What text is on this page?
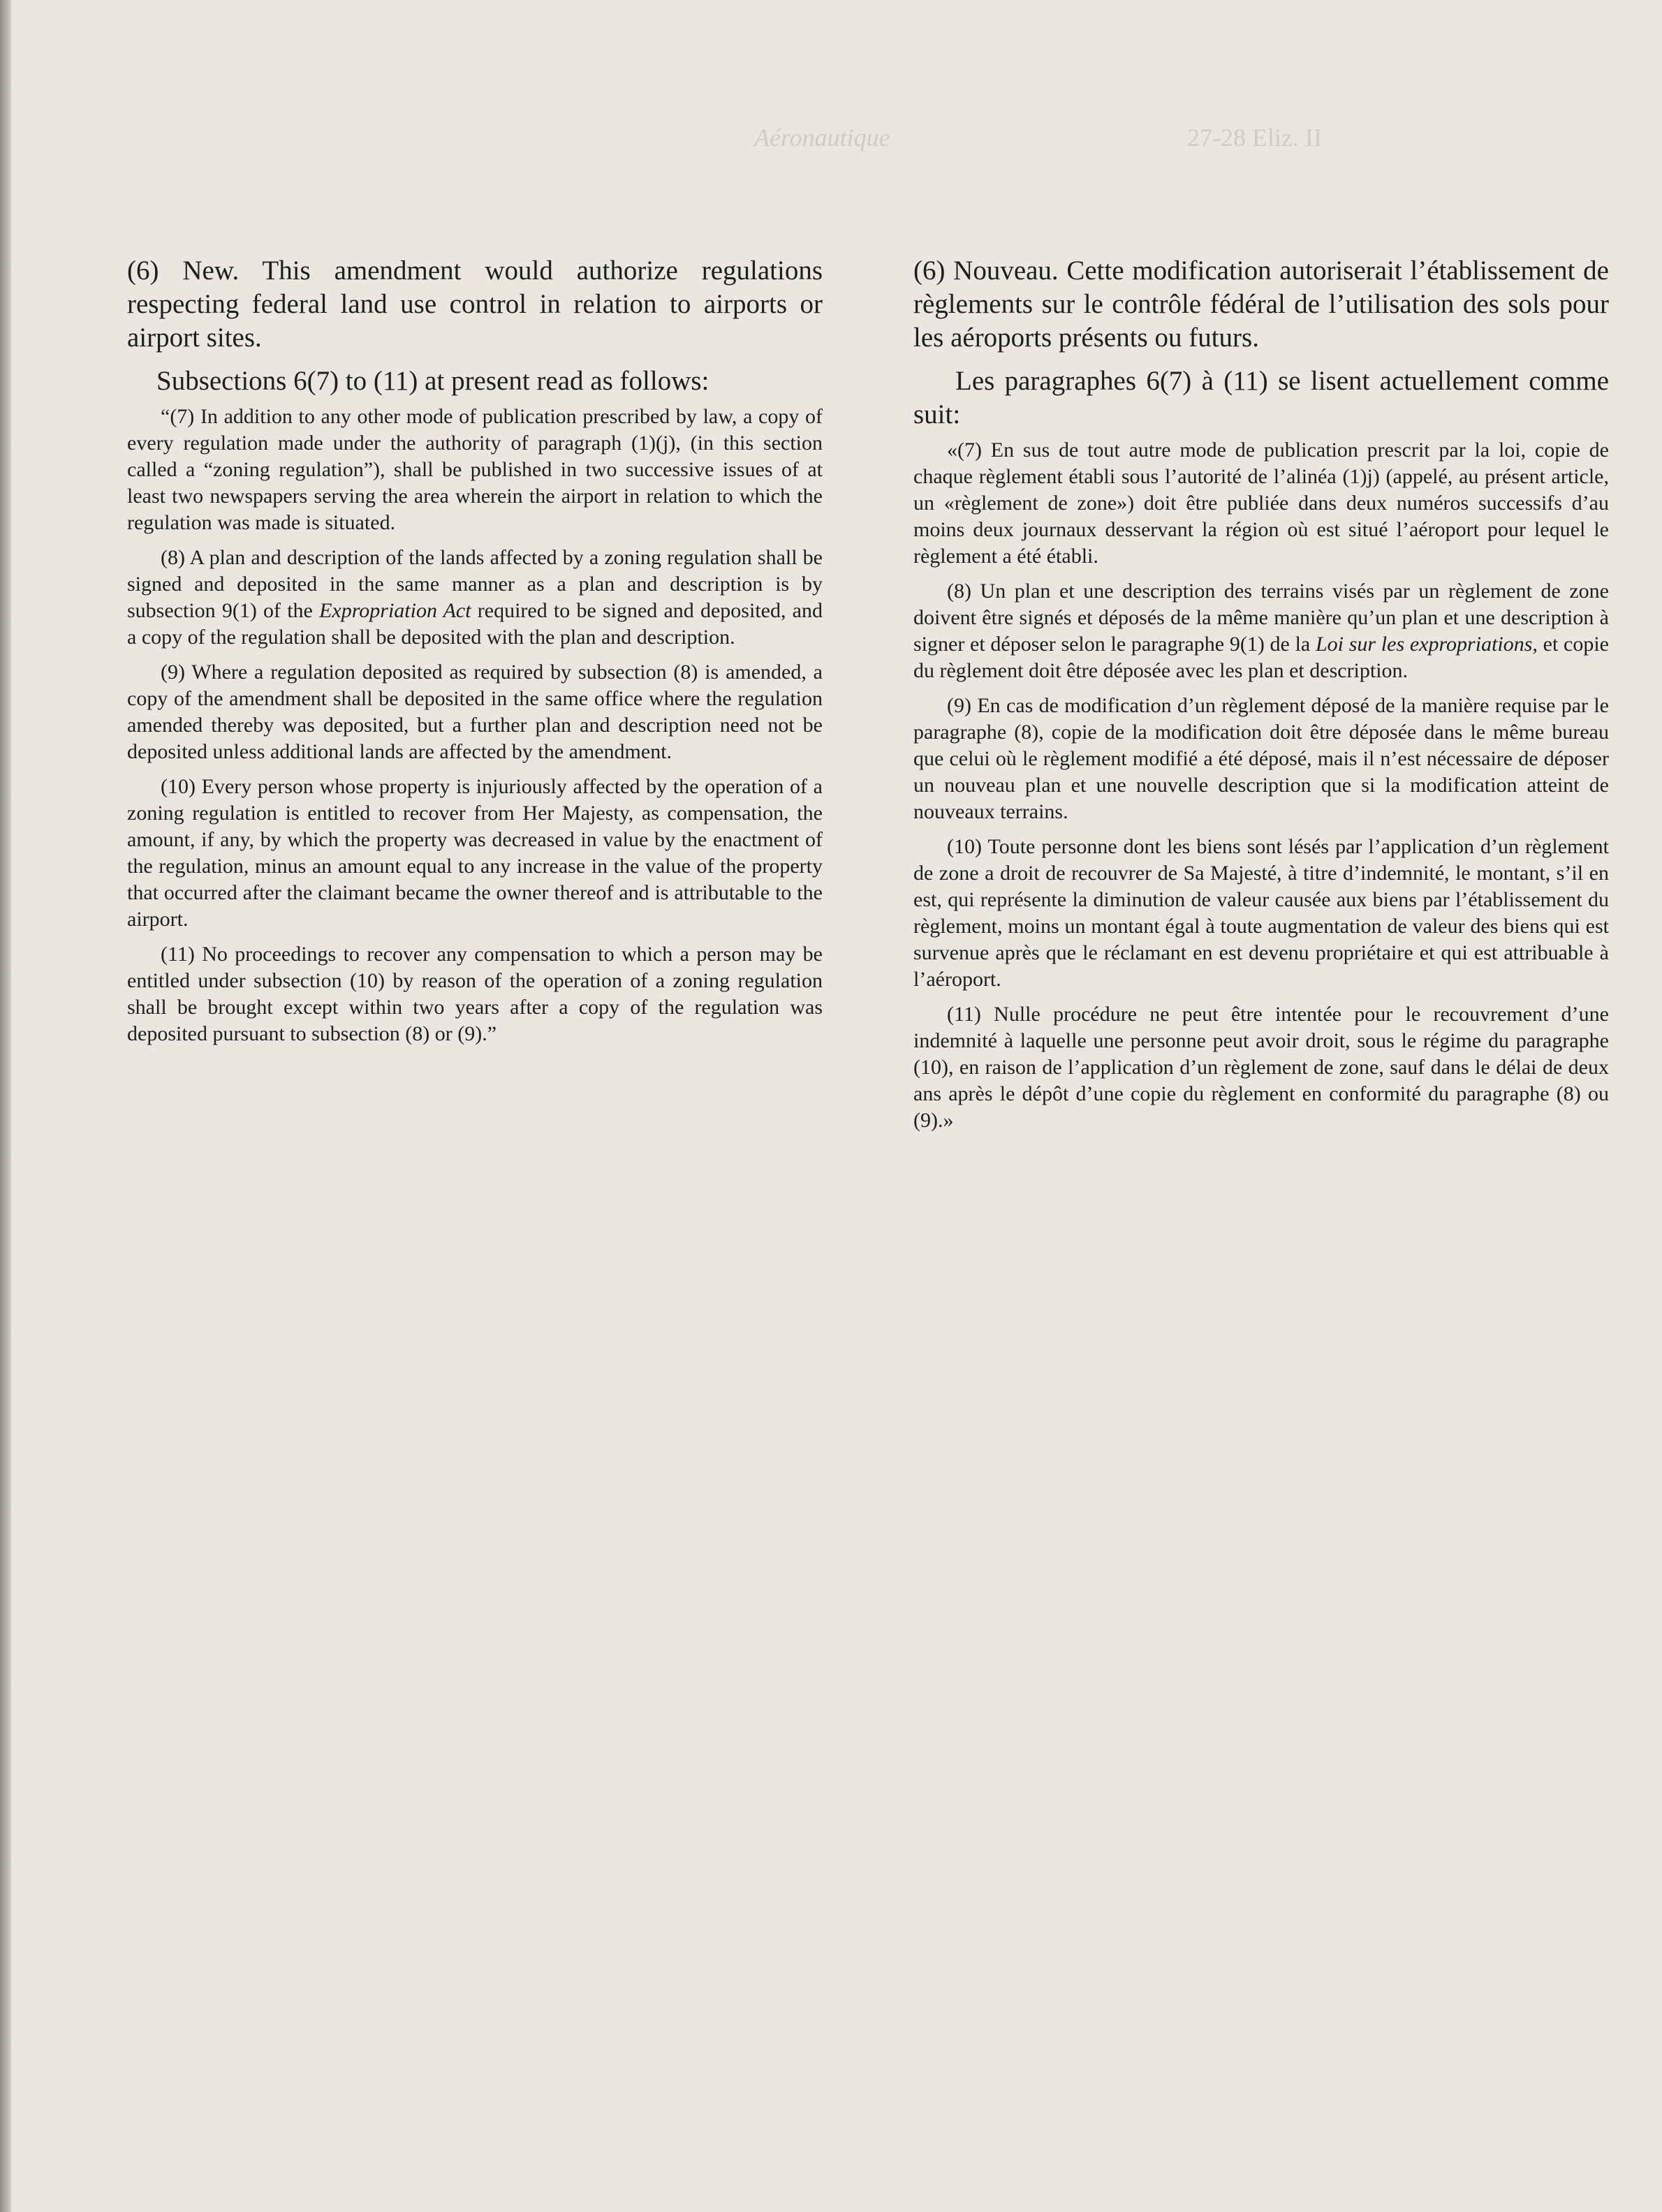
Aéronautique	27-28 Eliz. II

(6) New. This amendment would authorize regulations respecting federal land use control in relation to airports or airport sites.

Subsections 6(7) to (11) at present read as follows:

“(7) In addition to any other mode of publication prescribed by law, a copy of every regulation made under the authority of paragraph (1)(j), (in this section called a “zoning regulation”), shall be published in two successive issues of at least two newspapers serving the area wherein the airport in relation to which the regulation was made is situated.

(8) A plan and description of the lands affected by a zoning regulation shall be signed and deposited in the same manner as a plan and description is by subsection 9(1) of the Expropriation Act required to be signed and deposited, and a copy of the regulation shall be deposited with the plan and description.

(9) Where a regulation deposited as required by subsection (8) is amended, a copy of the amendment shall be deposited in the same office where the regulation amended thereby was deposited, but a further plan and description need not be deposited unless additional lands are affected by the amendment.

(10) Every person whose property is injuriously affected by the operation of a zoning regulation is entitled to recover from Her Majesty, as compensation, the amount, if any, by which the property was decreased in value by the enactment of the regulation, minus an amount equal to any increase in the value of the property that occurred after the claimant became the owner thereof and is attributable to the airport.

(11) No proceedings to recover any compensation to which a person may be entitled under subsection (10) by reason of the operation of a zoning regulation shall be brought except within two years after a copy of the regulation was deposited pursuant to subsection (8) or (9).”

(6) Nouveau. Cette modification autoriserait l’établissement de règlements sur le contrôle fédéral de l’utilisation des sols pour les aéroports présents ou futurs.

Les paragraphes 6(7) à (11) se lisent actuellement comme suit:

«(7) En sus de tout autre mode de publication prescrit par la loi, copie de chaque règlement établi sous l’autorité de l’alinéa (1)j) (appelé, au présent article, un «règlement de zone») doit être publiée dans deux numéros successifs d’au moins deux journaux desservant la région où est situé l’aéroport pour lequel le règlement a été établi.

(8) Un plan et une description des terrains visés par un règlement de zone doivent être signés et déposés de la même manière qu’un plan et une description à signer et déposer selon le paragraphe 9(1) de la Loi sur les expropriations, et copie du règlement doit être déposée avec les plan et description.

(9) En cas de modification d’un règlement déposé de la manière requise par le paragraphe (8), copie de la modification doit être déposée dans le même bureau que celui où le règlement modifié a été déposé, mais il n’est nécessaire de déposer un nouveau plan et une nouvelle description que si la modification atteint de nouveaux terrains.

(10) Toute personne dont les biens sont lésés par l’application d’un règlement de zone a droit de recouvrer de Sa Majesté, à titre d’indemnité, le montant, s’il en est, qui représente la diminution de valeur causée aux biens par l’établissement du règlement, moins un montant égal à toute augmentation de valeur des biens qui est survenue après que le réclamant en est devenu propriétaire et qui est attribuable à l’aéroport.

(11) Nulle procédure ne peut être intentée pour le recouvrement d’une indemnité à laquelle une personne peut avoir droit, sous le régime du paragraphe (10), en raison de l’application d’un règlement de zone, sauf dans le délai de deux ans après le dépôt d’une copie du règlement en conformité du paragraphe (8) ou (9).»
